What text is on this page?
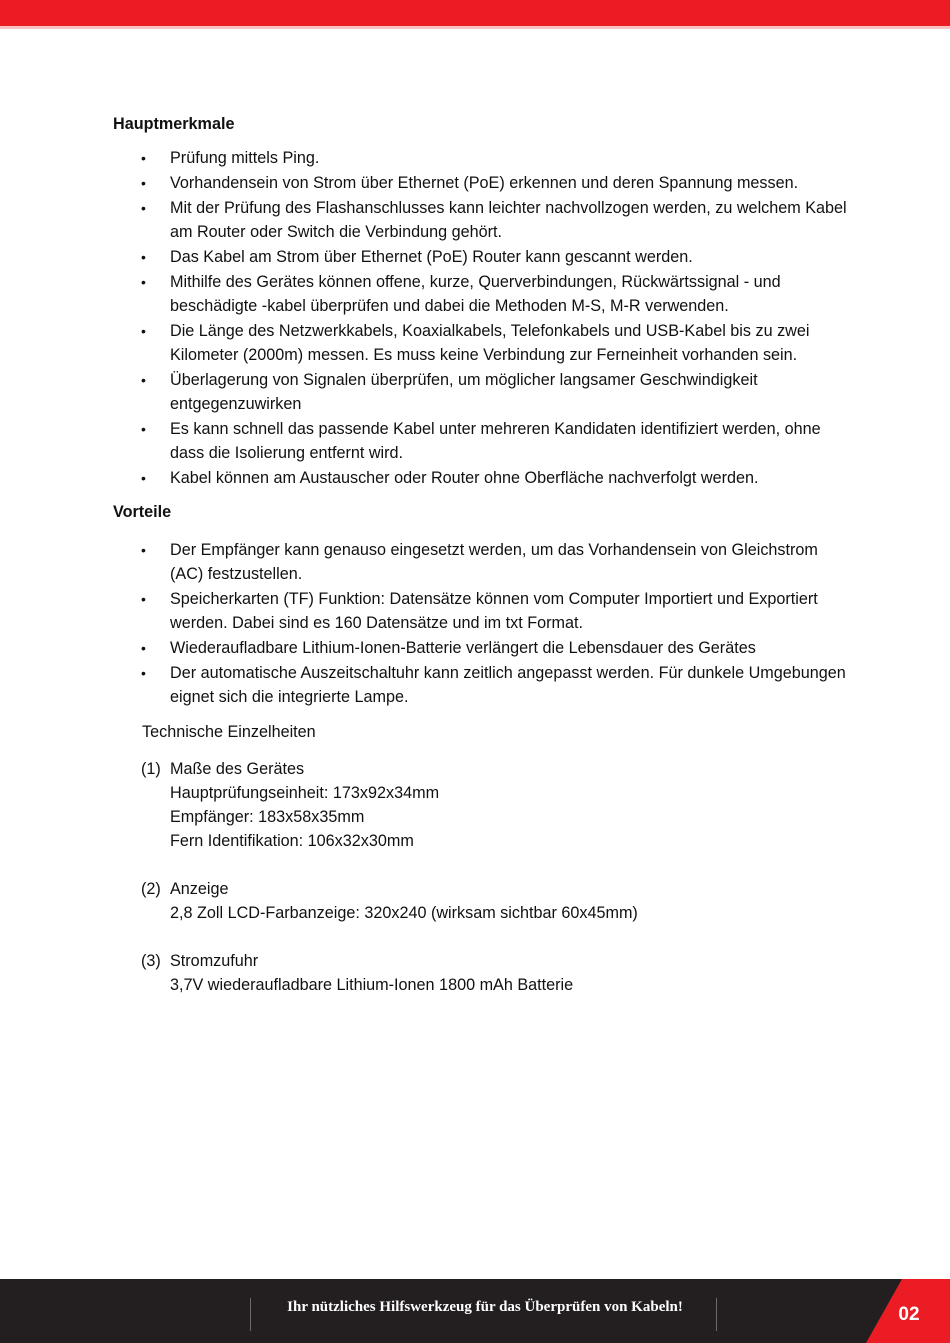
Hauptmerkmale
• Prüfung mittels Ping.
• Vorhandensein von Strom über Ethernet (PoE) erkennen und deren Spannung messen.
• Mit der Prüfung des Flashanschlusses kann leichter nachvollzogen werden, zu welchem Kabel am Router oder Switch die Verbindung gehört.
• Das Kabel am Strom über Ethernet (PoE) Router kann gescannt werden.
• Mithilfe des Gerätes können offene, kurze, Querverbindungen, Rückwärtssignal - und beschädigte -kabel überprüfen und dabei die Methoden M-S, M-R verwenden.
• Die Länge des Netzwerkkabels, Koaxialkabels, Telefonkabels und USB-Kabel bis zu zwei Kilometer (2000m) messen. Es muss keine Verbindung zur Ferneinheit vorhanden sein.
• Überlagerung von Signalen überprüfen, um möglicher langsamer Geschwindigkeit entgegenzuwirken
• Es kann schnell das passende Kabel unter mehreren Kandidaten identifiziert werden, ohne dass die Isolierung entfernt wird.
• Kabel können am Austauscher oder Router ohne Oberfläche nachverfolgt werden.
Vorteile
• Der Empfänger kann genauso eingesetzt werden, um das Vorhandensein von Gleichstrom (AC) festzustellen.
• Speicherkarten (TF) Funktion: Datensätze können vom Computer Importiert und Exportiert werden. Dabei sind es 160 Datensätze und im txt Format.
• Wiederaufladbare Lithium-Ionen-Batterie verlängert die Lebensdauer des Gerätes
• Der automatische Auszeitschaltuhr kann zeitlich angepasst werden. Für dunkele Umgebungen eignet sich die integrierte Lampe.
Technische Einzelheiten
(1) Maße des Gerätes
Hauptprüfungseinheit: 173x92x34mm
Empfänger: 183x58x35mm
Fern Identifikation: 106x32x30mm
(2) Anzeige
2,8 Zoll LCD-Farbanzeige: 320x240 (wirksam sichtbar 60x45mm)
(3) Stromzufuhr
3,7V wiederaufladbare Lithium-Ionen 1800 mAh Batterie
Ihr nützliches Hilfswerkzeug für das Überprüfen von Kabeln!	02
